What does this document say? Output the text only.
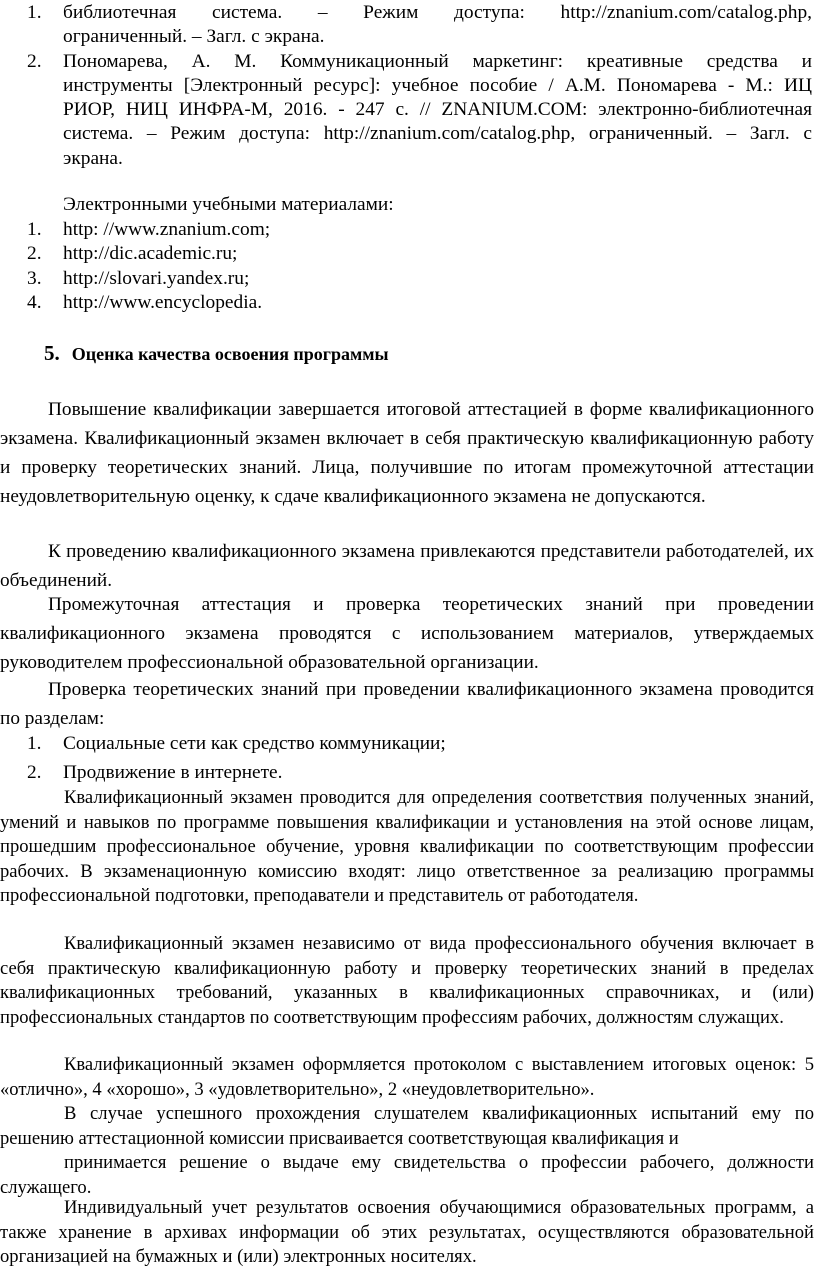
1. библиотечная система. – Режим доступа: http://znanium.com/catalog.php,
ограниченный. – Загл. с экрана.
2. Пономарева, А. М. Коммуникационный маркетинг: креативные средства и
инструменты [Электронный ресурс]: учебное пособие / А.М. Пономарева - М.: ИЦ
РИОР, НИЦ ИНФРА-М, 2016. - 247 с. // ZNANIUM.COM: электронно-библиотечная
система. – Режим доступа: http://znanium.com/catalog.php, ограниченный. – Загл. с
экрана.
Электронными учебными материалами:
1. http: //www.znanium.com;
2. http://dic.academic.ru;
3. http://slovari.yandex.ru;
4. http://www.encyclopedia.
5. Оценка качества освоения программы
Повышение квалификации завершается итоговой аттестацией в форме квалификационного экзамена. Квалификационный экзамен включает в себя практическую квалификационную работу и проверку теоретических знаний. Лица, получившие по итогам промежуточной аттестации неудовлетворительную оценку, к сдаче квалификационного экзамена не допускаются.
К проведению квалификационного экзамена привлекаются представители работодателей, их объединений.
Промежуточная аттестация и проверка теоретических знаний при проведении квалификационного экзамена проводятся с использованием материалов, утверждаемых руководителем профессиональной образовательной организации.
Проверка теоретических знаний при проведении квалификационного экзамена проводится по разделам:
1. Социальные сети как средство коммуникации;
2. Продвижение в интернете.
Квалификационный экзамен проводится для определения соответствия полученных знаний, умений и навыков по программе повышения квалификации и установления на этой основе лицам, прошедшим профессиональное обучение, уровня квалификации по соответствующим профессии рабочих. В экзаменационную комиссию входят: лицо ответственное за реализацию программы профессиональной подготовки, преподаватели и представитель от работодателя.
Квалификационный экзамен независимо от вида профессионального обучения включает в себя практическую квалификационную работу и проверку теоретических знаний в пределах квалификационных требований, указанных в квалификационных справочниках, и (или) профессиональных стандартов по соответствующим профессиям рабочих, должностям служащих.
Квалификационный экзамен оформляется протоколом с выставлением итоговых оценок: 5 «отлично», 4 «хорошо», 3 «удовлетворительно», 2 «неудовлетворительно».
В случае успешного прохождения слушателем квалификационных испытаний ему по решению аттестационной комиссии присваивается соответствующая квалификация и
принимается решение о выдаче ему свидетельства о профессии рабочего, должности служащего.
Индивидуальный учет результатов освоения обучающимися образовательных программ, а также хранение в архивах информации об этих результатах, осуществляются образовательной организацией на бумажных и (или) электронных носителях.
